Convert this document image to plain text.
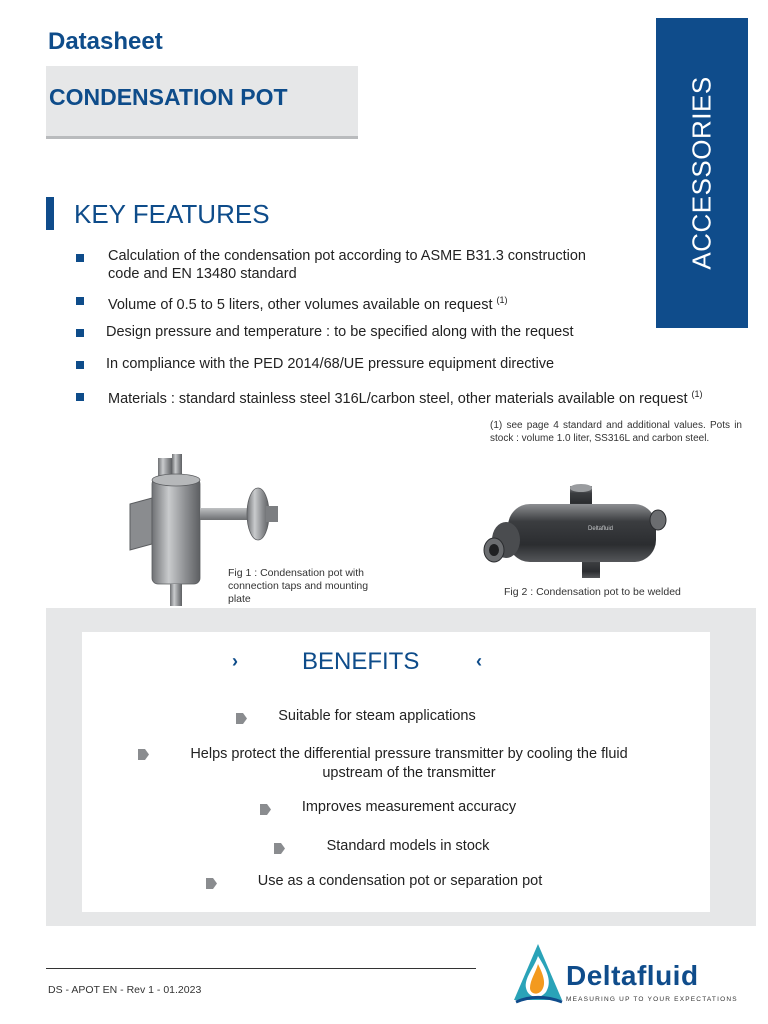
Datasheet
CONDENSATION POT	ACCESSORIES
KEY FEATURES
Calculation of the condensation pot according to ASME B31.3 construction
code and EN 13480 standard
Volume of 0.5 to 5 liters, other volumes available on request $^{(1)}$
Design pressure and temperature : to be specified along with the request
In compliance with the PED 2014/68/UE pressure equipment directive
Materials : standard stainless steel 316L/carbon steel, other materials available on request $^{(1)}$
(1) see page 4 standard and additional values. Pots in stock : volume 1.0 liter, SS316L and carbon steel.
Fig 1 : Condensation pot with connection taps and mounting plate
Deltafluid
Fig 2 : Condensation pot to be welded
›	BENEFITS	‹
Suitable for steam applications
Helps protect the differential pressure transmitter by cooling the fluid
upstream of the transmitter
Improves measurement accuracy
Standard models in stock
Use as a condensation pot or separation pot
DS - APOT EN - Rev 1 - 01.2023	Deltafluid
MEASURING UP TO YOUR EXPECTATIONS
